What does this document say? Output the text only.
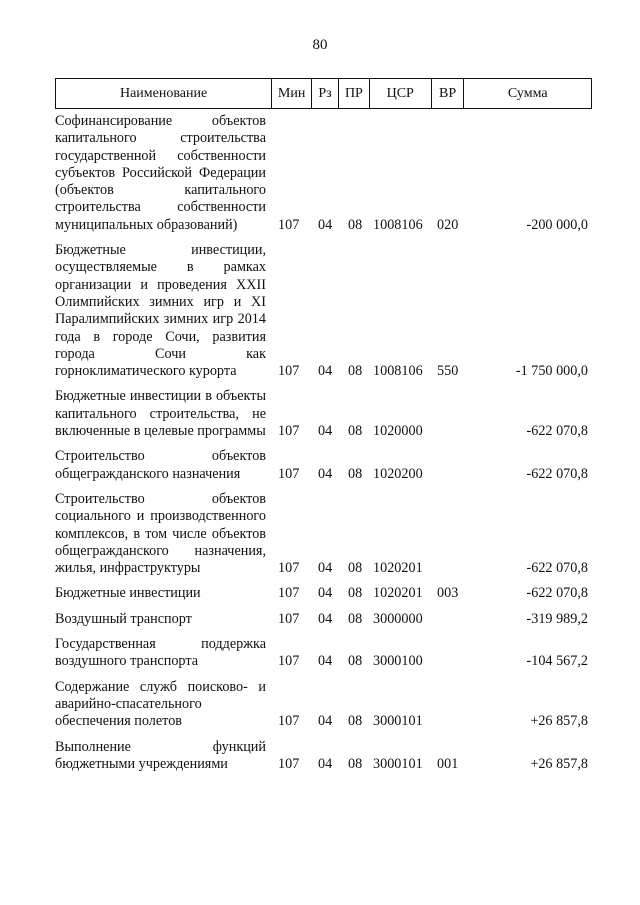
80
Наименование	Мин Рз ПР	ЦСР	ВР	Сумма
Софинансирование объектов капитального строительства государственной собственности субъектов Российской Федерации (объектов капитального строительства собственности муниципальных образований)	107	04	08 1008106	020	-200 000,0
Бюджетные инвестиции, осуществляемые в рамках организации и проведения XXII Олимпийских зимних игр и XI Паралимпийских зимних игр 2014 года в городе Сочи, развития города Сочи как горноклиматического курорта	107	04	08 1008106	550	-1 750 000,0
Бюджетные инвестиции в объекты капитального строительства, не включенные в целевые программы 107	04	08 1020000	-622 070,8
Строительство объектов общегражданского назначения	107	04	08 1020200	-622 070,8
Строительство объектов социального и производственного комплексов, в том числе объектов общегражданского назначения, жилья, инфраструктуры	107	04	08 1020201	-622 070,8
Бюджетные инвестиции	107	04	08 1020201	003	-622 070,8
Воздушный транспорт	107	04	08 3000000	-319 989,2
Государственная поддержка воздушного транспорта	107	04	08 3000100	-104 567,2
Содержание служб поисково- и аварийно-спасательного обеспечения полетов	107	04	08 3000101	+26 857,8
Выполнение функций бюджетными учреждениями	107	04	08 3000101	001	+26 857,8
